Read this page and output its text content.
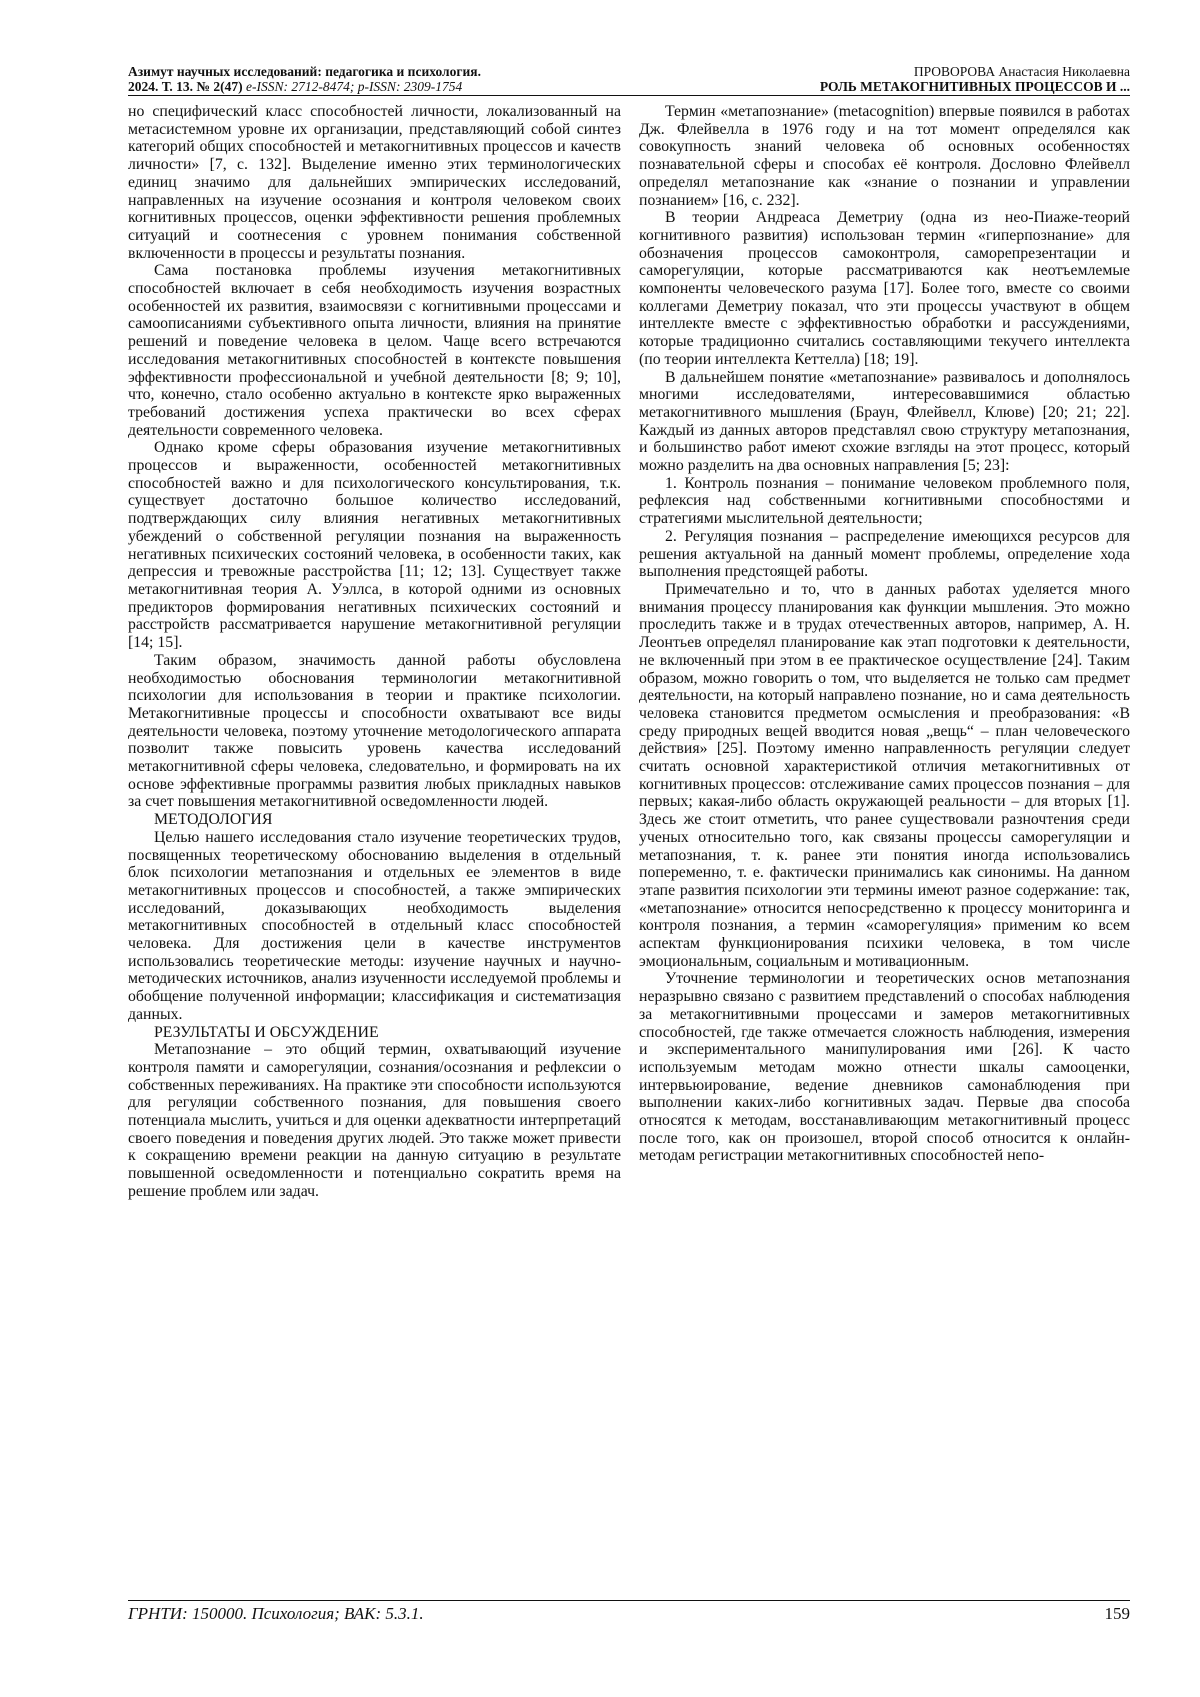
Азимут научных исследований: педагогика и психология.
2024. Т. 13. № 2(47) e-ISSN: 2712-8474; p-ISSN: 2309-1754
ПРОВОРОВА Анастасия Николаевна
РОЛЬ МЕТАКОГНИТИВНЫХ ПРОЦЕССОВ И ...

но специфический класс способностей личности, локализованный на метасистемном уровне их организации, представляющий собой синтез категорий общих способностей и метакогнитивных процессов и качеств личности» [7, с. 132]. Выделение именно этих терминологических единиц значимо для дальнейших эмпирических исследований, направленных на изучение осознания и контроля человеком своих когнитивных процессов, оценки эффективности решения проблемных ситуаций и соотнесения с уровнем понимания собственной включенности в процессы и результаты познания.

Сама постановка проблемы изучения метакогнитивных способностей включает в себя необходимость изучения возрастных особенностей их развития, взаимосвязи с когнитивными процессами и самоописаниями субъективного опыта личности, влияния на принятие решений и поведение человека в целом. Чаще всего встречаются исследования метакогнитивных способностей в контексте повышения эффективности профессиональной и учебной деятельности [8; 9; 10], что, конечно, стало особенно актуально в контексте ярко выраженных требований достижения успеха практически во всех сферах деятельности современного человека.

Однако кроме сферы образования изучение метакогнитивных процессов и выраженности, особенностей метакогнитивных способностей важно и для психологического консультирования, т.к. существует достаточно большое количество исследований, подтверждающих силу влияния негативных метакогнитивных убеждений о собственной регуляции познания на выраженность негативных психических состояний человека, в особенности таких, как депрессия и тревожные расстройства [11; 12; 13]. Существует также метакогнитивная теория А. Уэллса, в которой одними из основных предикторов формирования негативных психических состояний и расстройств рассматривается нарушение метакогнитивной регуляции [14; 15].

Таким образом, значимость данной работы обусловлена необходимостью обоснования терминологии метакогнитивной психологии для использования в теории и практике психологии. Метакогнитивные процессы и способности охватывают все виды деятельности человека, поэтому уточнение методологического аппарата позволит также повысить уровень качества исследований метакогнитивной сферы человека, следовательно, и формировать на их основе эффективные программы развития любых прикладных навыков за счет повышения метакогнитивной осведомленности людей.

МЕТОДОЛОГИЯ

Целью нашего исследования стало изучение теоретических трудов, посвященных теоретическому обоснованию выделения в отдельный блок психологии метапознания и отдельных ее элементов в виде метакогнитивных процессов и способностей, а также эмпирических исследований, доказывающих необходимость выделения метакогнитивных способностей в отдельный класс способностей человека. Для достижения цели в качестве инструментов использовались теоретические методы: изучение научных и научно-методических источников, анализ изученности исследуемой проблемы и обобщение полученной информации; классификация и систематизация данных.

РЕЗУЛЬТАТЫ И ОБСУЖДЕНИЕ

Метапознание – это общий термин, охватывающий изучение контроля памяти и саморегуляции, сознания/осознания и рефлексии о собственных переживаниях. На практике эти способности используются для регуляции собственного познания, для повышения своего потенциала мыслить, учиться и для оценки адекватности интерпретаций своего поведения и поведения других людей. Это также может привести к сокращению времени реакции на данную ситуацию в результате повышенной осведомленности и потенциально сократить время на решение проблем или задач.

Термин «метапознание» (metacognition) впервые появился в работах Дж. Флейвелла в 1976 году и на тот момент определялся как совокупность знаний человека об основных особенностях познавательной сферы и способах её контроля. Дословно Флейвелл определял метапознание как «знание о познании и управлении познанием» [16, с. 232].

В теории Андреаса Деметриу (одна из нео-Пиаже-теорий когнитивного развития) использован термин «гиперпознание» для обозначения процессов самоконтроля, саморепрезентации и саморегуляции, которые рассматриваются как неотъемлемые компоненты человеческого разума [17]. Более того, вместе со своими коллегами Деметриу показал, что эти процессы участвуют в общем интеллекте вместе с эффективностью обработки и рассуждениями, которые традиционно считались составляющими текучего интеллекта (по теории интеллекта Кеттелла) [18; 19].

В дальнейшем понятие «метапознание» развивалось и дополнялось многими исследователями, интересовавшимися областью метакогнитивного мышления (Браун, Флейвелл, Клюве) [20; 21; 22]. Каждый из данных авторов представлял свою структуру метапознания, и большинство работ имеют схожие взгляды на этот процесс, который можно разделить на два основных направления [5; 23]:

1. Контроль познания – понимание человеком проблемного поля, рефлексия над собственными когнитивными способностями и стратегиями мыслительной деятельности;

2. Регуляция познания – распределение имеющихся ресурсов для решения актуальной на данный момент проблемы, определение хода выполнения предстоящей работы.

Примечательно и то, что в данных работах уделяется много внимания процессу планирования как функции мышления. Это можно проследить также и в трудах отечественных авторов, например, А. Н. Леонтьев определял планирование как этап подготовки к деятельности, не включенный при этом в ее практическое осуществление [24]. Таким образом, можно говорить о том, что выделяется не только сам предмет деятельности, на который направлено познание, но и сама деятельность человека становится предметом осмысления и преобразования: «В среду природных вещей вводится новая „вещь“ – план человеческого действия» [25]. Поэтому именно направленность регуляции следует считать основной характеристикой отличия метакогнитивных от когнитивных процессов: отслеживание самих процессов познания – для первых; какая-либо область окружающей реальности – для вторых [1]. Здесь же стоит отметить, что ранее существовали разночтения среди ученых относительно того, как связаны процессы саморегуляции и метапознания, т. к. ранее эти понятия иногда использовались попеременно, т. е. фактически принимались как синонимы. На данном этапе развития психологии эти термины имеют разное содержание: так, «метапознание» относится непосредственно к процессу мониторинга и контроля познания, а термин «саморегуляция» применим ко всем аспектам функционирования психики человека, в том числе эмоциональным, социальным и мотивационным.

Уточнение терминологии и теоретических основ метапознания неразрывно связано с развитием представлений о способах наблюдения за метакогнитивными процессами и замеров метакогнитивных способностей, где также отмечается сложность наблюдения, измерения и экспериментального манипулирования ими [26]. К часто используемым методам можно отнести шкалы самооценки, интервьюирование, ведение дневников самонаблюдения при выполнении каких-либо когнитивных задач. Первые два способа относятся к методам, восстанавливающим метакогнитивный процесс после того, как он произошел, второй способ относится к онлайн-методам регистрации метакогнитивных способностей непо-

ГРНТИ: 150000. Психология; ВАК: 5.3.1.	159
